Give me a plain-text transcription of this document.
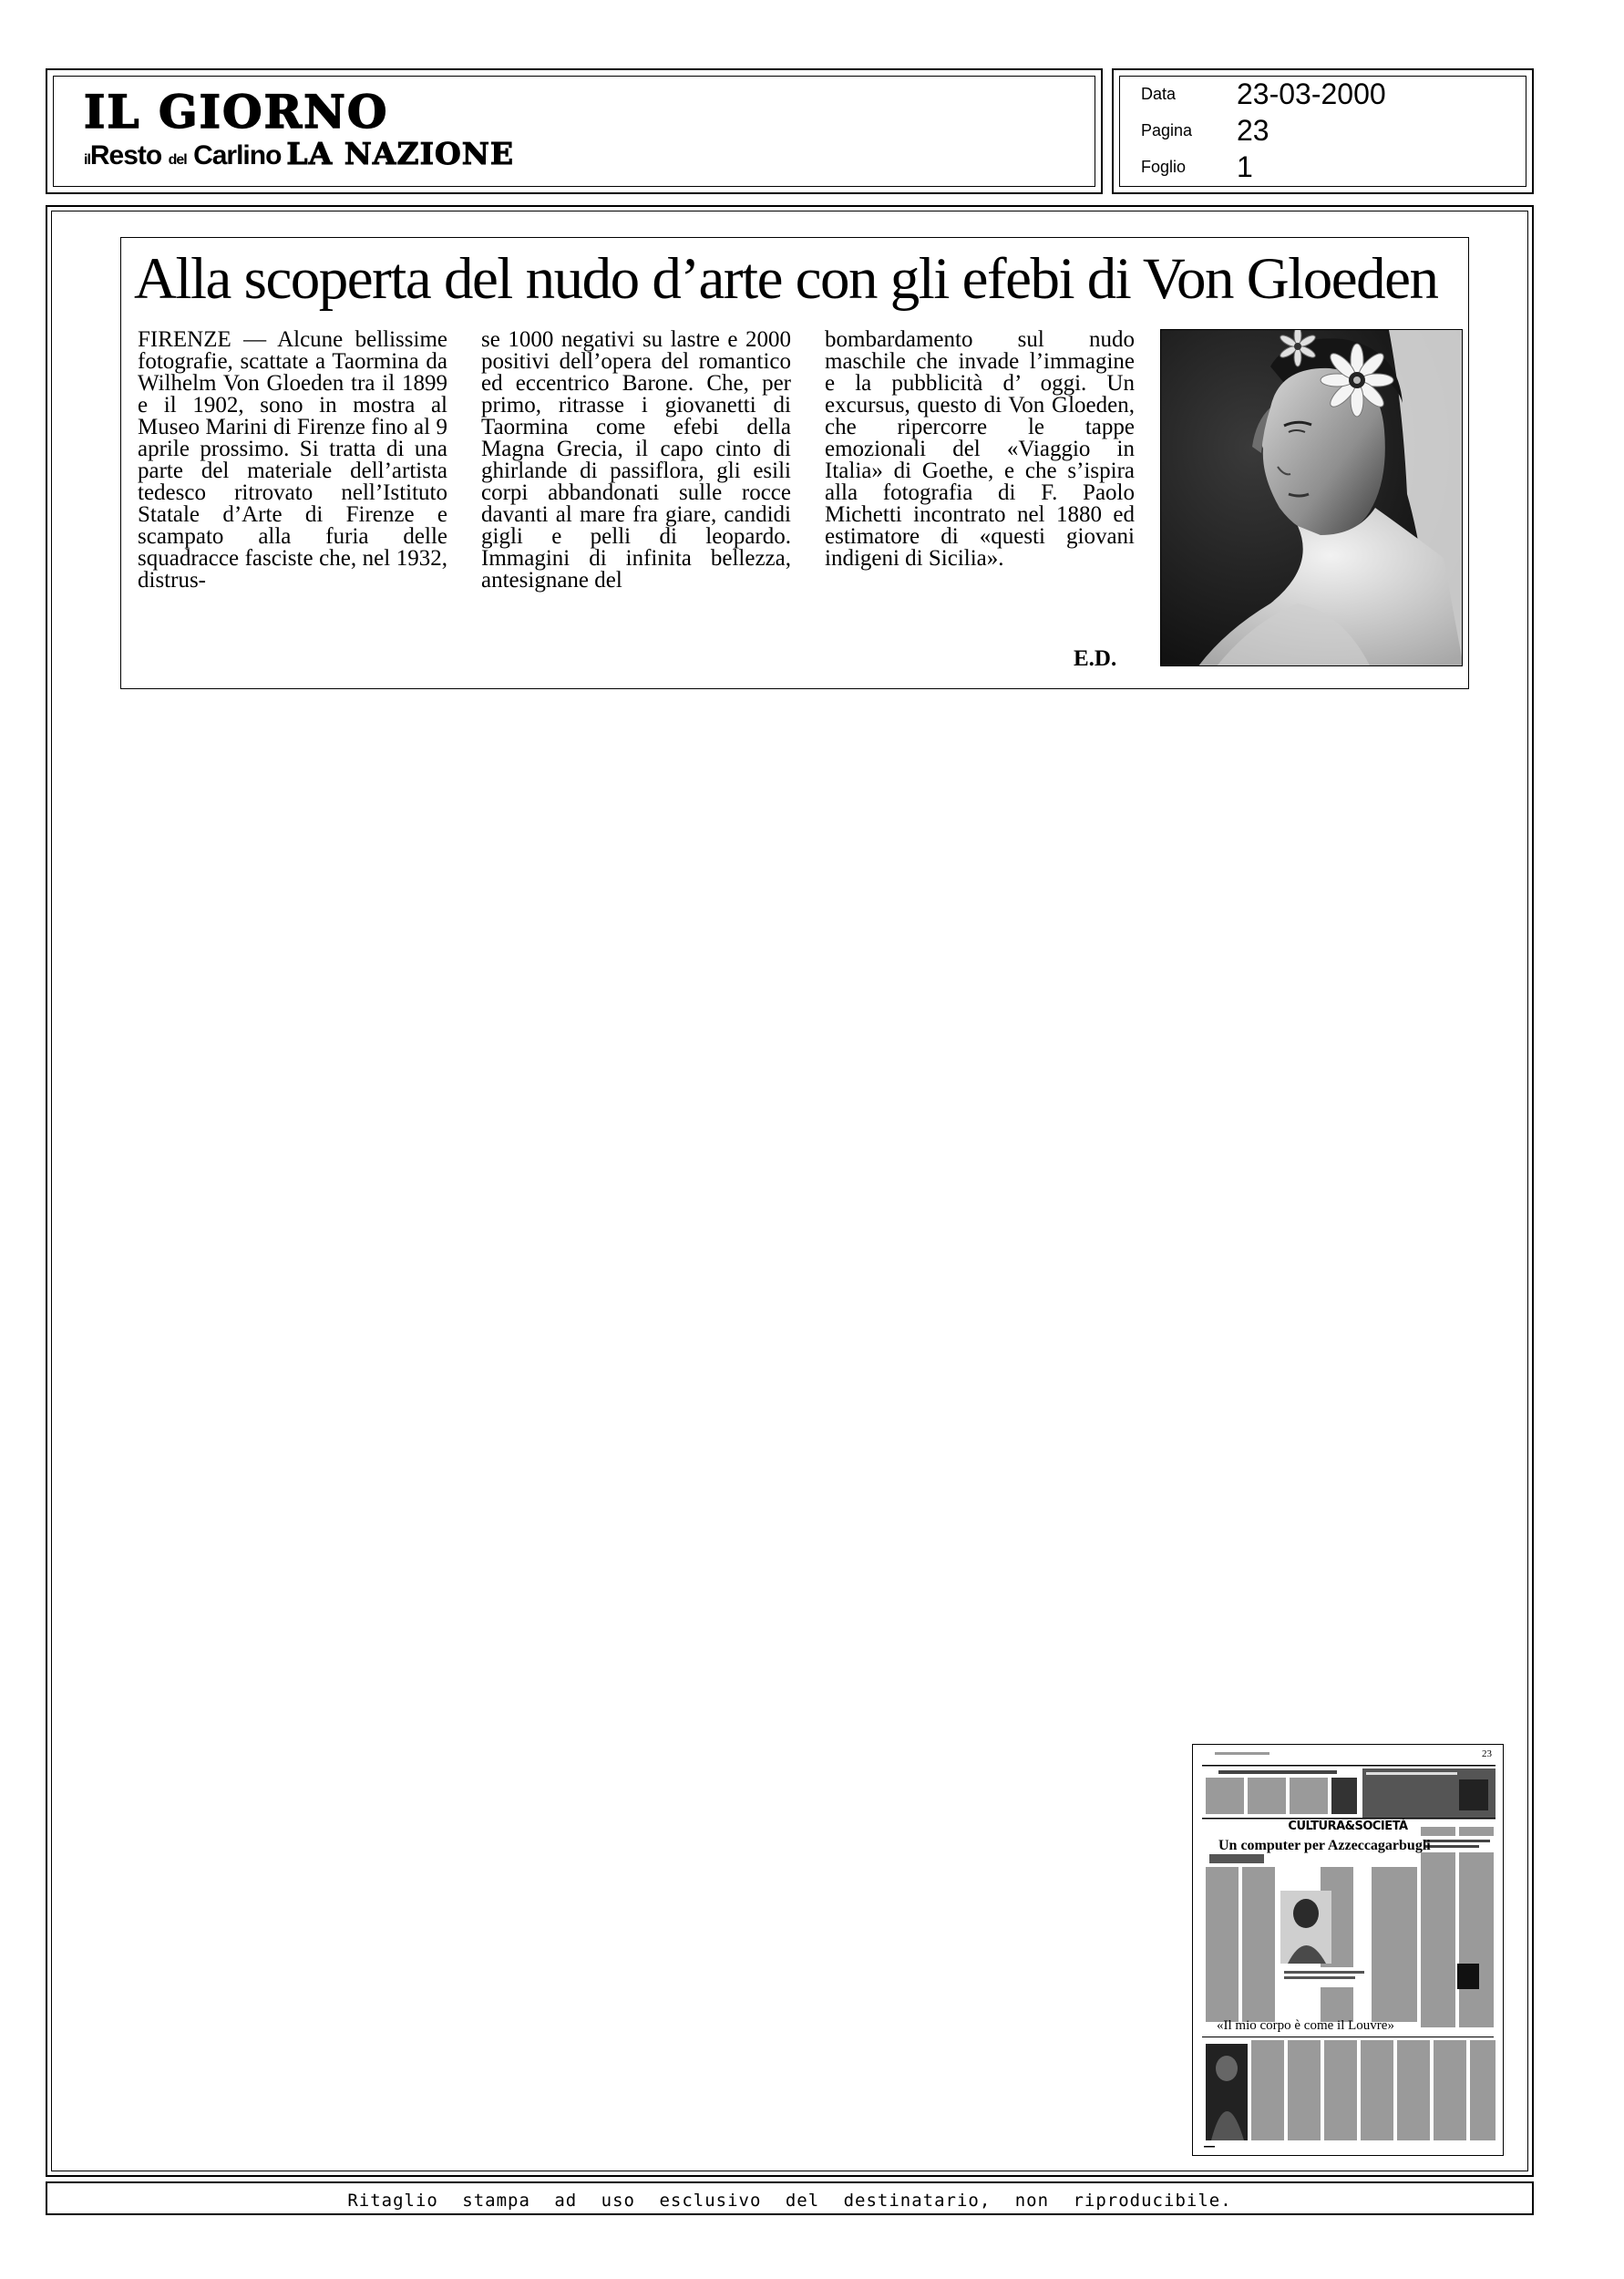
IL GIORNO
ilResto del Carlino LA NAZIONE
Data 23-03-2000
Pagina 23
Foglio 1
Alla scoperta del nudo d’arte con gli efebi di Von Gloeden
FIRENZE — Alcune bellissime fotografie, scattate a Taormina da Wilhelm Von Gloeden tra il 1899 e il 1902, sono in mostra al Museo Marini di Firenze fino al 9 aprile prossimo. Si tratta di una parte del materiale dell’artista tedesco ritrovato nell’Istituto Statale d’Arte di Firenze e scampato alla furia delle squadracce fasciste che, nel 1932, distrus-
se 1000 negativi su lastre e 2000 positivi dell’opera del romantico ed eccentrico Barone. Che, per primo, ritrasse i giovanetti di Taormina come efebi della Magna Grecia, il capo cinto di ghirlande di passiflora, gli esili corpi abbandonati sulle rocce davanti al mare fra giare, candidi gigli e pelli di leopardo. Immagini di infinita bellezza, antesignane del
bombardamento sul nudo maschile che invade l’immagine e la pubblicità d’ oggi. Un excursus, questo di Von Gloeden, che ripercorre le tappe emozionali del «Viaggio in Italia» di Goethe, e che s’ispira alla fotografia di F. Paolo Michetti incontrato nel 1880 ed estimatore di «questi giovani indigeni di Sicilia».
E.D.
23
CULTURA&SOCIETÀ
Un computer per Azzeccagarbugli
«Il mio corpo è come il Louvre»
Ritaglio stampa ad uso esclusivo del destinatario, non riproducibile.
